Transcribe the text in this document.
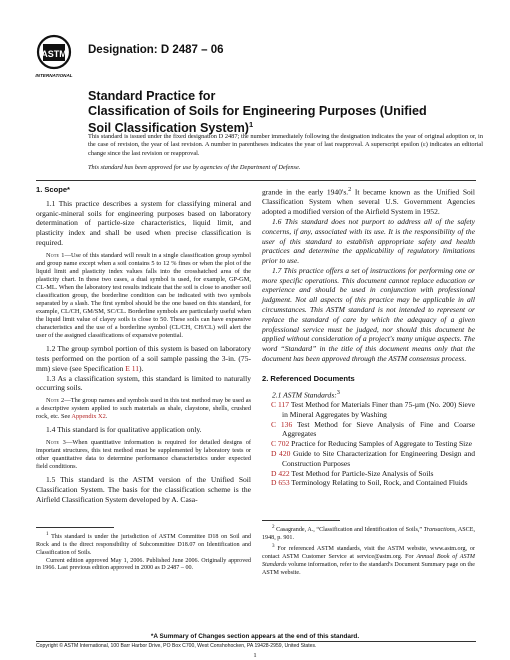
ASTM
INTERNATIONAL
Designation: D 2487 – 06
Standard Practice for
Classification of Soils for Engineering Purposes (Unified
Soil Classification System)$^1$
This standard is issued under the fixed designation D 2487; the number immediately following the designation indicates the year of original adoption or, in the case of revision, the year of last revision. A number in parentheses indicates the year of last reapproval. A superscript epsilon (ε) indicates an editorial change since the last revision or reapproval.
This standard has been approved for use by agencies of the Department of Defense.
1. Scope*

1.1 This practice describes a system for classifying mineral and organic-mineral soils for engineering purposes based on laboratory determination of particle-size characteristics, liquid limit, and plasticity index and shall be used when precise classification is required.

Note 1—Use of this standard will result in a single classification group symbol and group name except when a soil contains 5 to 12 % fines or when the plot of the liquid limit and plasticity index values falls into the crosshatched area of the plasticity chart. In these two cases, a dual symbol is used, for example, GP-GM, CL-ML. When the laboratory test results indicate that the soil is close to another soil classification group, the borderline condition can be indicated with two symbols separated by a slash. The first symbol should be the one based on this standard, for example, CL/CH, GM/SM, SC/CL. Borderline symbols are particularly useful when the liquid limit value of clayey soils is close to 50. These soils can have expansive characteristics and the use of a borderline symbol (CL/CH, CH/CL) will alert the user of the assigned classifications of expansive potential.

1.2 The group symbol portion of this system is based on laboratory tests performed on the portion of a soil sample passing the 3-in. (75-mm) sieve (see Specification E 11).

1.3 As a classification system, this standard is limited to naturally occurring soils.

Note 2—The group names and symbols used in this test method may be used as a descriptive system applied to such materials as shale, claystone, shells, crushed rock, etc. See Appendix X2.

1.4 This standard is for qualitative application only.

Note 3—When quantitative information is required for detailed designs of important structures, this test method must be supplemented by laboratory tests or other quantitative data to determine performance characteristics under expected field conditions.

1.5 This standard is the ASTM version of the Unified Soil Classification System. The basis for the classification scheme is the Airfield Classification System developed by A. Casa-

$^1$ This standard is under the jurisdiction of ASTM Committee D18 on Soil and Rock and is the direct responsibility of Subcommittee D18.07 on Identification and Classification of Soils.

Current edition approved May 1, 2006. Published June 2006. Originally approved in 1966. Last previous edition approved in 2000 as D 2487 – 00.

grande in the early 1940's.$^2$ It became known as the Unified Soil Classification System when several U.S. Government Agencies adopted a modified version of the Airfield System in 1952.

1.6 This standard does not purport to address all of the safety concerns, if any, associated with its use. It is the responsibility of the user of this standard to establish appropriate safety and health practices and determine the applicability of regulatory limitations prior to use.

1.7 This practice offers a set of instructions for performing one or more specific operations. This document cannot replace education or experience and should be used in conjunction with professional judgment. Not all aspects of this practice may be applicable in all circumstances. This ASTM standard is not intended to represent or replace the standard of care by which the adequacy of a given professional service must be judged, nor should this document be applied without consideration of a project's many unique aspects. The word “Standard” in the title of this document means only that the document has been approved through the ASTM consensus process.

2. Referenced Documents

2.1 ASTM Standards:$^3$

C 117 Test Method for Materials Finer than 75-µm (No. 200) Sieve in Mineral Aggregates by Washing
C 136 Test Method for Sieve Analysis of Fine and Coarse Aggregates
C 702 Practice for Reducing Samples of Aggregate to Testing Size
D 420 Guide to Site Characterization for Engineering Design and Construction Purposes
D 422 Test Method for Particle-Size Analysis of Soils
D 653 Terminology Relating to Soil, Rock, and Contained Fluids

$^2$ Casagrande, A., “Classification and Identification of Soils,” Transactions, ASCE, 1948, p. 901.

$^3$ For referenced ASTM standards, visit the ASTM website, www.astm.org, or contact ASTM Customer Service at service@astm.org. For Annual Book of ASTM Standards volume information, refer to the standard's Document Summary page on the ASTM website.

*A Summary of Changes section appears at the end of this standard.
Copyright © ASTM International, 100 Barr Harbor Drive, PO Box C700, West Conshohocken, PA 19428-2959, United States.
1
